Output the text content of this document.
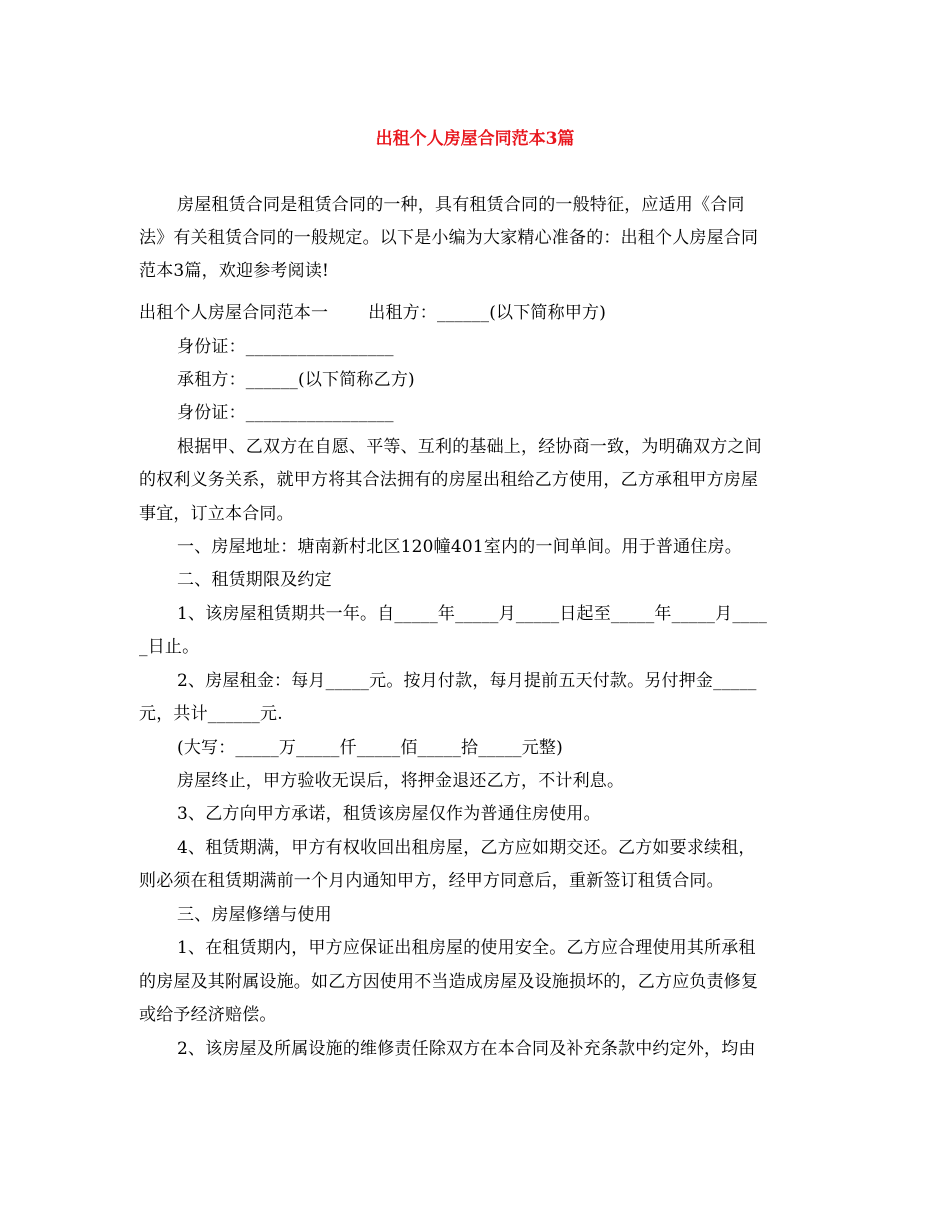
出租个人房屋合同范本3篇
房屋租赁合同是租赁合同的一种，具有租赁合同的一般特征，应适用《合同
法》有关租赁合同的一般规定。以下是小编为大家精心准备的：出租个人房屋合同
范本3篇，欢迎参考阅读!
出租个人房屋合同范本一　　 出租方：______(以下简称甲方)
身份证：_________________
承租方：______(以下简称乙方)
身份证：_________________
根据甲、乙双方在自愿、平等、互利的基础上，经协商一致，为明确双方之间
的权利义务关系，就甲方将其合法拥有的房屋出租给乙方使用，乙方承租甲方房屋
事宜，订立本合同。
一、房屋地址：塘南新村北区120幢401室内的一间单间。用于普通住房。
二、租赁期限及约定
1、该房屋租赁期共一年。自_____年_____月_____日起至_____年_____月____
_日止。
2、房屋租金：每月_____元。按月付款，每月提前五天付款。另付押金_____
元，共计______元.
(大写：_____万_____仟_____佰_____拾_____元整)
房屋终止，甲方验收无误后，将押金退还乙方，不计利息。
3、乙方向甲方承诺，租赁该房屋仅作为普通住房使用。
4、租赁期满，甲方有权收回出租房屋，乙方应如期交还。乙方如要求续租，
则必须在租赁期满前一个月内通知甲方，经甲方同意后，重新签订租赁合同。
三、房屋修缮与使用
1、在租赁期内，甲方应保证出租房屋的使用安全。乙方应合理使用其所承租
的房屋及其附属设施。如乙方因使用不当造成房屋及设施损坏的，乙方应负责修复
或给予经济赔偿。
2、该房屋及所属设施的维修责任除双方在本合同及补充条款中约定外，均由
